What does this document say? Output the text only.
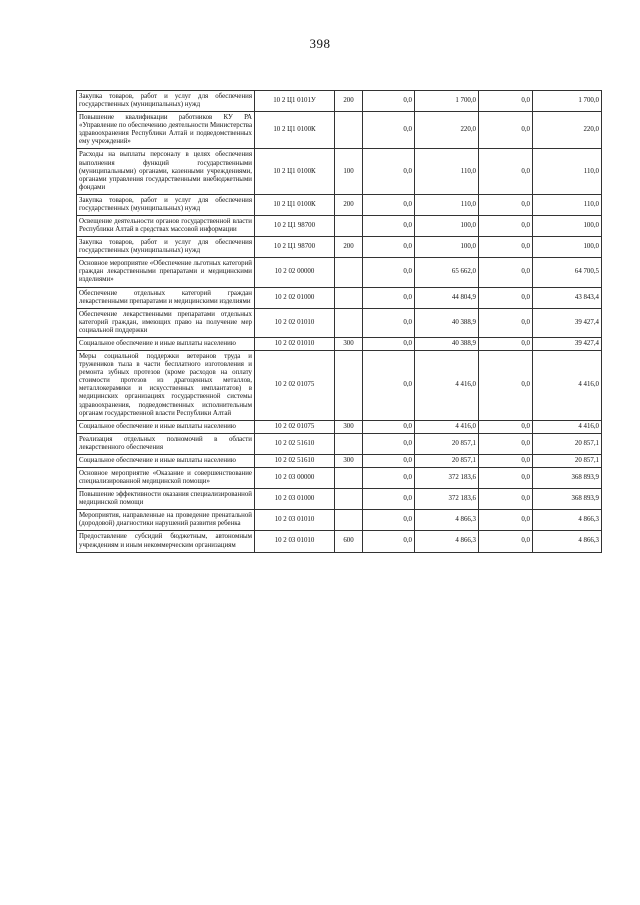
398
Закупка товаров, работ и услуг для обеспечения государственных (муниципальных) нужд	10 2 Ц1 0101У	200	0,0	1 700,0	0,0	1 700,0
Повышение квалификации работников КУ РА «Управление по обеспечению деятельности Министерства здравоохранения Республики Алтай и подведомственных ему учреждений»	10 2 Ц1 0100К		0,0	220,0	0,0	220,0
Расходы на выплаты персоналу в целях обеспечения выполнения функций государственными (муниципальными) органами, казенными учреждениями, органами управления государственными внебюджетными фондами	10 2 Ц1 0100К	100	0,0	110,0	0,0	110,0
Закупка товаров, работ и услуг для обеспечения государственных (муниципальных) нужд	10 2 Ц1 0100К	200	0,0	110,0	0,0	110,0
Освещение деятельности органов государственной власти Республики Алтай в средствах массовой информации	10 2 Ц1 98700		0,0	100,0	0,0	100,0
Закупка товаров, работ и услуг для обеспечения государственных (муниципальных) нужд	10 2 Ц1 98700	200	0,0	100,0	0,0	100,0
Основное мероприятие «Обеспечение льготных категорий граждан лекарственными препаратами и медицинскими изделиями»	10 2 02 00000		0,0	65 662,0	0,0	64 700,5
Обеспечение отдельных категорий граждан лекарственными препаратами и медицинскими изделиями	10 2 02 01000		0,0	44 804,9	0,0	43 843,4
Обеспечение лекарственными препаратами отдельных категорий граждан, имеющих право на получение мер социальной поддержки	10 2 02 01010		0,0	40 388,9	0,0	39 427,4
Социальное обеспечение и иные выплаты населению	10 2 02 01010	300	0,0	40 388,9	0,0	39 427,4
Меры социальной поддержки ветеранов труда и тружеников тыла в части бесплатного изготовления и ремонта зубных протезов (кроме расходов на оплату стоимости протезов из драгоценных металлов, металлокерамики и искусственных имплантатов) в медицинских организациях государственной системы здравоохранения, подведомственных исполнительным органам государственной власти Республики Алтай	10 2 02 01075		0,0	4 416,0	0,0	4 416,0
Социальное обеспечение и иные выплаты населению	10 2 02 01075	300	0,0	4 416,0	0,0	4 416,0
Реализация отдельных полномочий в области лекарственного обеспечения	10 2 02 51610		0,0	20 857,1	0,0	20 857,1
Социальное обеспечение и иные выплаты населению	10 2 02 51610	300	0,0	20 857,1	0,0	20 857,1
Основное мероприятие «Оказание и совершенствование специализированной медицинской помощи»	10 2 03 00000		0,0	372 183,6	0,0	368 893,9
Повышение эффективности оказания специализированной медицинской помощи	10 2 03 01000		0,0	372 183,6	0,0	368 893,9
Мероприятия, направленные на проведение пренатальной (дородовой) диагностики нарушений развития ребенка	10 2 03 01010		0,0	4 866,3	0,0	4 866,3
Предоставление субсидий бюджетным, автономным учреждениям и иным некоммерческим организациям	10 2 03 01010	600	0,0	4 866,3	0,0	4 866,3
